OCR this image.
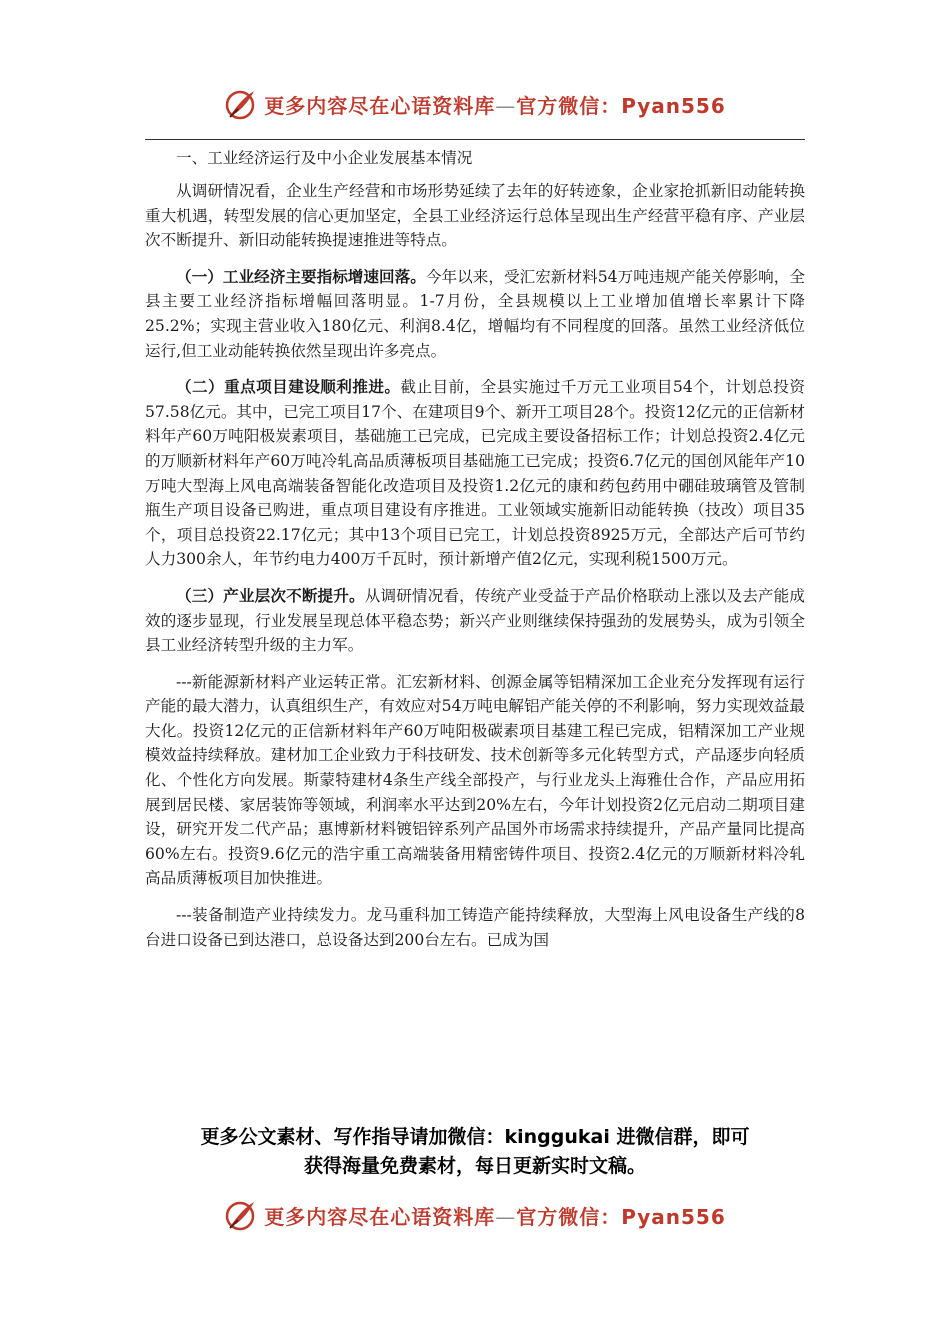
更多内容尽在心语资料库—官方微信：Pyan556
一、工业经济运行及中小企业发展基本情况

从调研情况看，企业生产经营和市场形势延续了去年的好转迹象，企业家抢抓新旧动能转换重大机遇，转型发展的信心更加坚定，全县工业经济运行总体呈现出生产经营平稳有序、产业层次不断提升、新旧动能转换提速推进等特点。

（一）工业经济主要指标增速回落。今年以来，受汇宏新材料54万吨违规产能关停影响，全县主要工业经济指标增幅回落明显。1-7月份，全县规模以上工业增加值增长率累计下降25.2%；实现主营业收入180亿元、利润8.4亿，增幅均有不同程度的回落。虽然工业经济低位运行,但工业动能转换依然呈现出许多亮点。

（二）重点项目建设顺利推进。截止目前，全县实施过千万元工业项目54个，计划总投资57.58亿元。其中，已完工项目17个、在建项目9个、新开工项目28个。投资12亿元的正信新材料年产60万吨阳极炭素项目，基础施工已完成，已完成主要设备招标工作；计划总投资2.4亿元的万顺新材料年产60万吨冷轧高品质薄板项目基础施工已完成；投资6.7亿元的国创风能年产10万吨大型海上风电高端装备智能化改造项目及投资1.2亿元的康和药包药用中硼硅玻璃管及管制瓶生产项目设备已购进，重点项目建设有序推进。工业领域实施新旧动能转换（技改）项目35个，项目总投资22.17亿元；其中13个项目已完工，计划总投资8925万元，全部达产后可节约人力300余人，年节约电力400万千瓦时，预计新增产值2亿元，实现利税1500万元。

（三）产业层次不断提升。从调研情况看，传统产业受益于产品价格联动上涨以及去产能成效的逐步显现，行业发展呈现总体平稳态势；新兴产业则继续保持强劲的发展势头，成为引领全县工业经济转型升级的主力军。

---新能源新材料产业运转正常。汇宏新材料、创源金属等铝精深加工企业充分发挥现有运行产能的最大潜力，认真组织生产，有效应对54万吨电解铝产能关停的不利影响，努力实现效益最大化。投资12亿元的正信新材料年产60万吨阳极碳素项目基建工程已完成，铝精深加工产业规模效益持续释放。建材加工企业致力于科技研发、技术创新等多元化转型方式，产品逐步向轻质化、个性化方向发展。斯蒙特建材4条生产线全部投产，与行业龙头上海雅仕合作，产品应用拓展到居民楼、家居装饰等领域，利润率水平达到20%左右，今年计划投资2亿元启动二期项目建设，研究开发二代产品；惠博新材料镀铝锌系列产品国外市场需求持续提升，产品产量同比提高60%左右。投资9.6亿元的浩宇重工高端装备用精密铸件项目、投资2.4亿元的万顺新材料冷轧高品质薄板项目加快推进。

---装备制造产业持续发力。龙马重科加工铸造产能持续释放，大型海上风电设备生产线的8台进口设备已到达港口，总设备达到200台左右。已成为国

更多公文素材、写作指导请加微信：kinggukai 进微信群，即可
获得海量免费素材，每日更新实时文稿。
更多内容尽在心语资料库—官方微信：Pyan556
